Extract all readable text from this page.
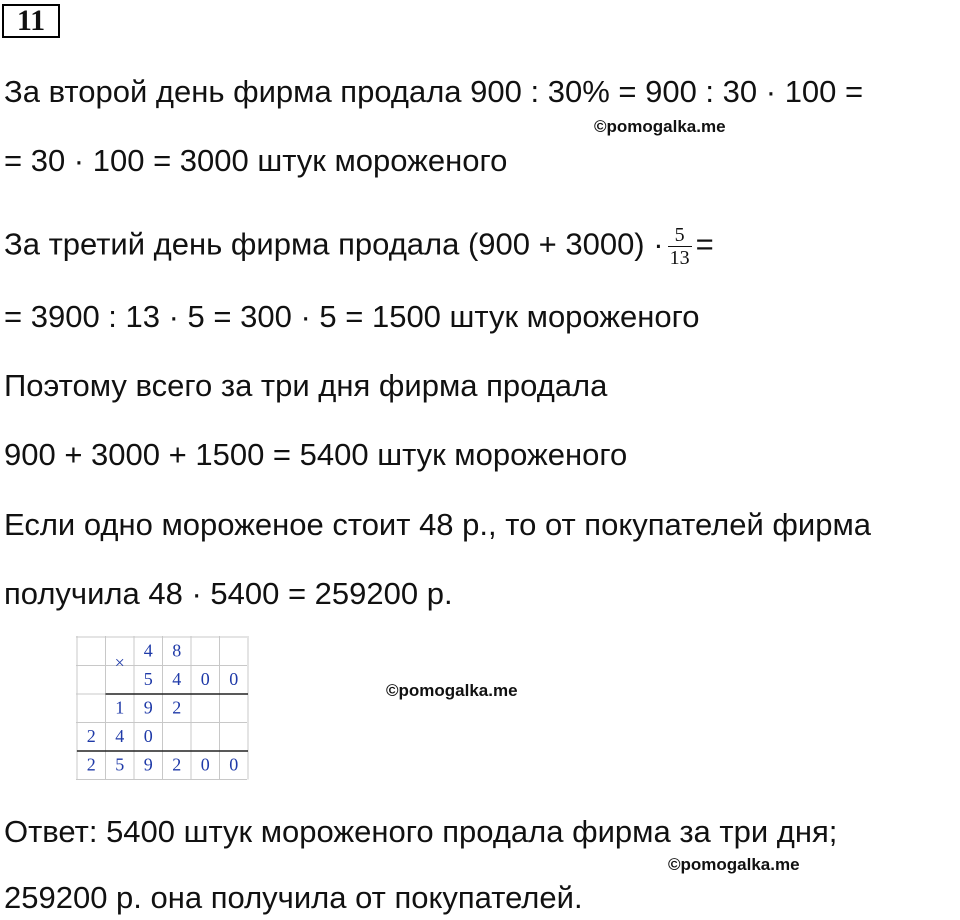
11

За второй день фирма продала 900 : 30% = 900 : 30 · 100 =

©pomogalka.me

= 30 · 100 = 3000 штук мороженого

За третий день фирма продала $(900 + 3000) \cdot \frac{5}{13}$ =

= 3900 : 13 · 5 = 300 · 5 = 1500 штук мороженого

Поэтому всего за три дня фирма продала

900 + 3000 + 1500 = 5400 штук мороженого

Если одно мороженое стоит 48 р., то от покупателей фирма

получила 48 · 5400 = 259200 р.

4 8
5 4 0 0
1 9 2
2 4 0
2 5 9 2 0 0
×
©pomogalka.me

Ответ: 5400 штук мороженого продала фирма за три дня;

©pomogalka.me

259200 р. она получила от покупателей.
